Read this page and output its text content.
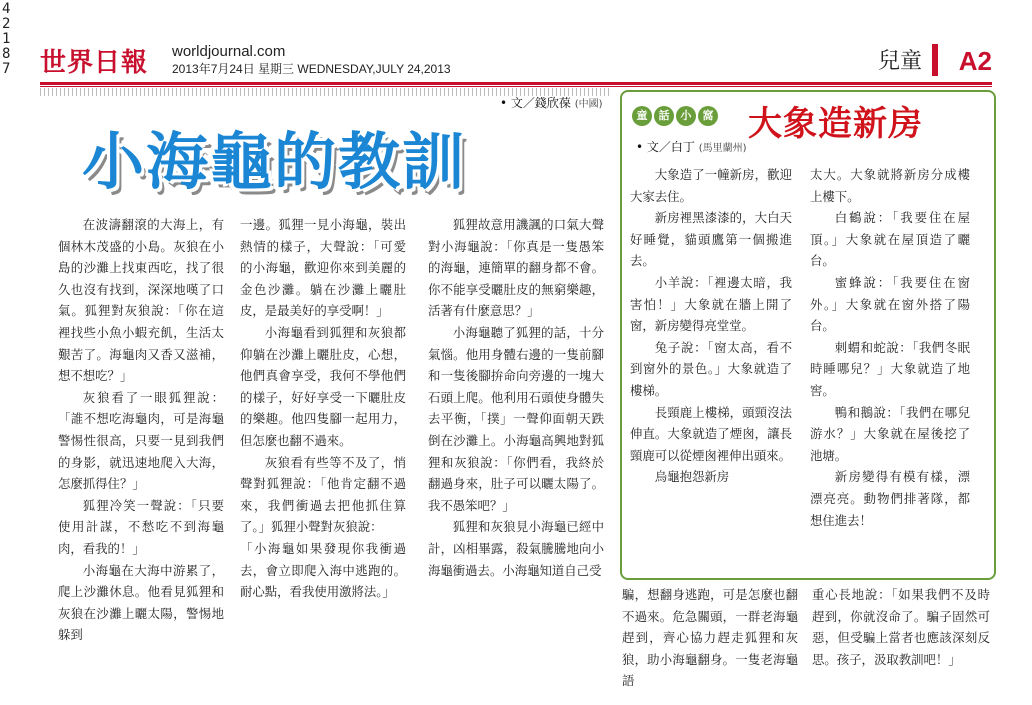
42187 世界日報 worldjournal.com
2013年7月24日 星期三 WEDNESDAY,JULY 24,2013	兒童 A2
• 文／錢欣葆 (中國)
小海龜的教訓

在波濤翻滾的大海上，有個林木茂盛的小島。灰狼在小島的沙灘上找東西吃，找了很久也沒有找到，深深地嘆了口氣。狐狸對灰狼說：「你在這裡找些小魚小蝦充飢，生活太艱苦了。海龜肉又香又滋補，想不想吃？」

灰狼看了一眼狐狸說：「誰不想吃海龜肉，可是海龜警惕性很高，只要一見到我們的身影，就迅速地爬入大海，怎麼抓得住？」

狐狸冷笑一聲說：「只要使用計謀，不愁吃不到海龜肉，看我的！」

小海龜在大海中游累了，爬上沙灘休息。他看見狐狸和灰狼在沙灘上曬太陽，警惕地躲到

一邊。狐狸一見小海龜，裝出熱情的樣子，大聲說：「可愛的小海龜，歡迎你來到美麗的金色沙灘。躺在沙灘上曬肚皮，是最美好的享受啊！」

小海龜看到狐狸和灰狼都仰躺在沙灘上曬肚皮，心想，他們真會享受，我何不學他們的樣子，好好享受一下曬肚皮的樂趣。他四隻腳一起用力，但怎麼也翻不過來。

灰狼看有些等不及了，悄聲對狐狸說：「他肯定翻不過來，我們衝過去把他抓住算了。」狐狸小聲對灰狼說：

「小海龜如果發現你我衝過去，會立即爬入海中逃跑的。耐心點，看我使用激將法。」

狐狸故意用譏諷的口氣大聲對小海龜說：「你真是一隻愚笨的海龜，連簡單的翻身都不會。你不能享受曬肚皮的無窮樂趣，活著有什麼意思？」

小海龜聽了狐狸的話，十分氣惱。他用身體右邊的一隻前腳和一隻後腳拚命向旁邊的一塊大石頭上爬。他利用石頭使身體失去平衡，「撲」一聲仰面朝天跌倒在沙灘上。小海龜高興地對狐狸和灰狼說：「你們看，我終於翻過身來，肚子可以曬太陽了。我不愚笨吧？」

狐狸和灰狼見小海龜已經中計，凶相畢露，殺氣騰騰地向小海龜衝過去。小海龜知道自己受

童	話	小	窩 大象造新房
• 文／白丁 (馬里蘭州)

大象造了一幢新房，歡迎大家去住。

新房裡黑漆漆的，大白天好睡覺，貓頭鷹第一個搬進去。

小羊說：「裡邊太暗，我害怕！」大象就在牆上開了窗，新房變得亮堂堂。

兔子說：「窗太高，看不到窗外的景色。」大象就造了樓梯。

長頸鹿上樓梯，頭頸沒法伸直。大象就造了煙囪，讓長頸鹿可以從煙囪裡伸出頭來。

烏龜抱怨新房

太大。大象就將新房分成樓上樓下。

白鶴說：「我要住在屋頂。」大象就在屋頂造了曬台。

蜜蜂說：「我要住在窗外。」大象就在窗外搭了陽台。

刺蝟和蛇說：「我們冬眠時睡哪兒？」大象就造了地窖。

鴨和鵝說：「我們在哪兒游水？」大象就在屋後挖了池塘。

新房變得有模有樣，漂漂亮亮。動物們排著隊，都想住進去！

騙，想翻身逃跑，可是怎麼也翻不過來。危急關頭，一群老海龜趕到，齊心協力趕走狐狸和灰狼，助小海龜翻身。一隻老海龜語

重心長地說：「如果我們不及時趕到，你就沒命了。騙子固然可惡，但受騙上當者也應該深刻反思。孩子，汲取教訓吧！」
